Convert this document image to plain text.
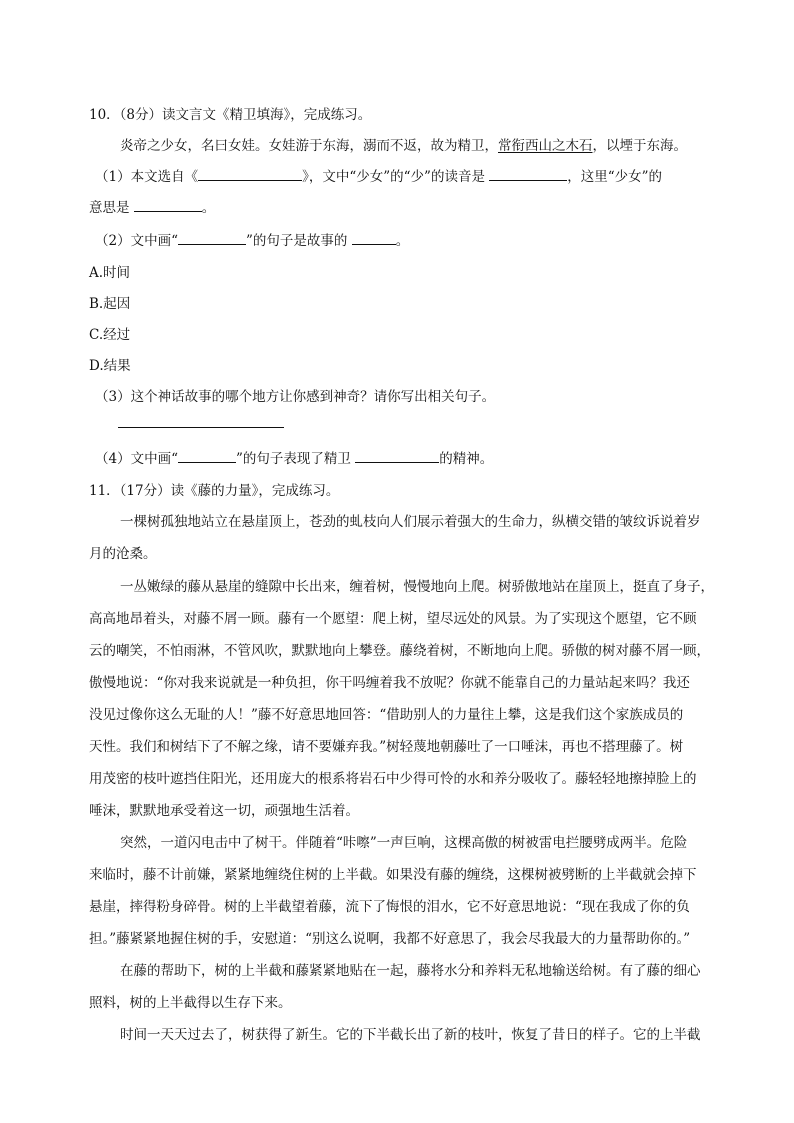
10．（8分）读文言文《精卫填海》，完成练习。
炎帝之少女，名曰女娃。女娃游于东海，溺而不返，故为精卫，常衔西山之木石，以堙于东海。
（1）本文选自《	》，文中“少女”的“少”的读音是	，这里“少女”的
意思是	。
（2）文中画“	”的句子是故事的	。
A.时间
B.起因
C.经过
D.结果
（3）这个神话故事的哪个地方让你感到神奇？请你写出相关句子。
（4）文中画“	”的句子表现了精卫	的精神。
11．（17分）读《藤的力量》，完成练习。
一棵树孤独地站立在悬崖顶上，苍劲的虬枝向人们展示着强大的生命力，纵横交错的皱纹诉说着岁
月的沧桑。
一丛嫩绿的藤从悬崖的缝隙中长出来，缠着树，慢慢地向上爬。树骄傲地站在崖顶上，挺直了身子，
高高地昂着头，对藤不屑一顾。藤有一个愿望：爬上树，望尽远处的风景。为了实现这个愿望，它不顾
云的嘲笑，不怕雨淋，不管风吹，默默地向上攀登。藤绕着树，不断地向上爬。骄傲的树对藤不屑一顾，
傲慢地说：“你对我来说就是一种负担，你干吗缠着我不放呢？你就不能靠自己的力量站起来吗？我还
没见过像你这么无耻的人！”藤不好意思地回答：“借助别人的力量往上攀，这是我们这个家族成员的
天性。我们和树结下了不解之缘，请不要嫌弃我。”树轻蔑地朝藤吐了一口唾沫，再也不搭理藤了。树
用茂密的枝叶遮挡住阳光，还用庞大的根系将岩石中少得可怜的水和养分吸收了。藤轻轻地擦掉脸上的
唾沫，默默地承受着这一切，顽强地生活着。
突然，一道闪电击中了树干。伴随着“咔嚓”一声巨响，这棵高傲的树被雷电拦腰劈成两半。危险
来临时，藤不计前嫌，紧紧地缠绕住树的上半截。如果没有藤的缠绕，这棵树被劈断的上半截就会掉下
悬崖，摔得粉身碎骨。树的上半截望着藤，流下了悔恨的泪水，它不好意思地说：“现在我成了你的负
担。”藤紧紧地握住树的手，安慰道：“别这么说啊，我都不好意思了，我会尽我最大的力量帮助你的。”
在藤的帮助下，树的上半截和藤紧紧地贴在一起，藤将水分和养料无私地输送给树。有了藤的细心
照料，树的上半截得以生存下来。
时间一天天过去了，树获得了新生。它的下半截长出了新的枝叶，恢复了昔日的样子。它的上半截
